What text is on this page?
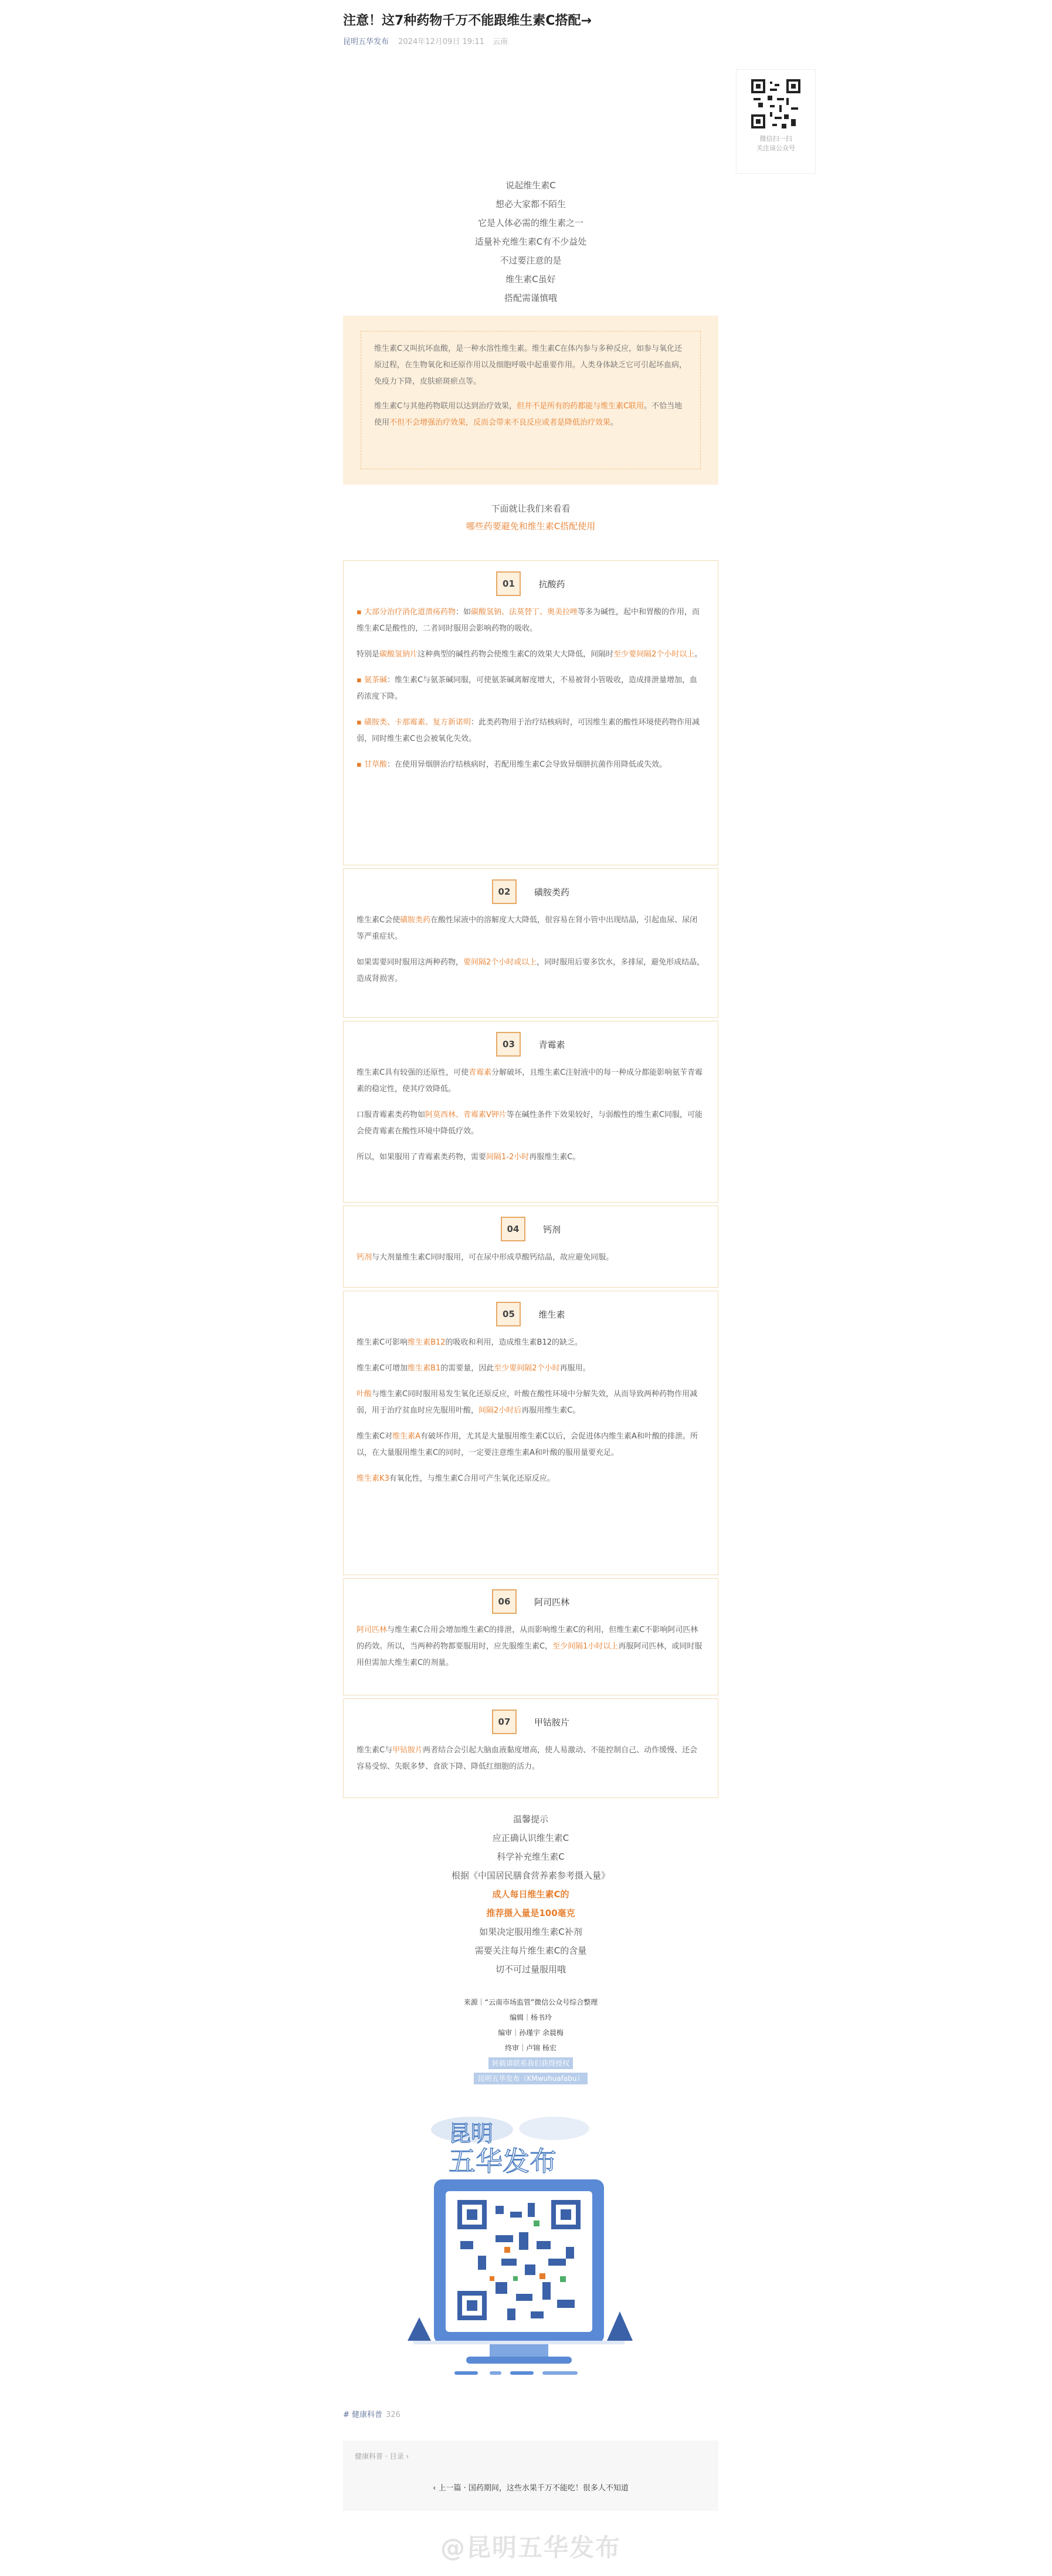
注意！这7种药物千万不能跟维生素C搭配→
昆明五华发布 2024年12月09日 19:11 云南
微信扫一扫
关注该公众号
说起维生素C
想必大家都不陌生
它是人体必需的维生素之一
适量补充维生素C有不少益处
不过要注意的是
维生素C虽好
搭配需谨慎哦

维生素C又叫抗坏血酸，是一种水溶性维生素。维生素C在体内参与多种反应，如参与氧化还原过程，在生物氧化和还原作用以及细胞呼吸中起重要作用。人类身体缺乏它可引起坏血病，免疫力下降，皮肤瘀斑瘀点等。

维生素C与其他药物联用以达到治疗效果，但并不是所有的药都能与维生素C联用。不恰当地使用不但不会增强治疗效果，反而会带来不良反应或者是降低治疗效果。

下面就让我们来看看
哪些药要避免和维生素C搭配使用
01	抗酸药

▪ 大部分治疗消化道溃疡药物：如碳酸氢钠、法莫替丁、奥美拉唑等多为碱性，起中和胃酸的作用，而维生素C是酸性的，二者同时服用会影响药物的吸收。

特别是碳酸氢钠片这种典型的碱性药物会使维生素C的效果大大降低，间隔时至少要间隔2个小时以上。

▪ 氨茶碱：维生素C与氨茶碱同服，可使氨茶碱离解度增大，不易被肾小管吸收，造成排泄量增加，血药浓度下降。

▪ 磺胺类、卡那霉素、复方新诺明：此类药物用于治疗结核病时，可因维生素的酸性环境使药物作用减弱，同时维生素C也会被氧化失效。

▪ 甘草酸：在使用异烟肼治疗结核病时，若配用维生素C会导致异烟肼抗菌作用降低或失效。

02	磺胺类药

维生素C会使磺胺类药在酸性尿液中的溶解度大大降低，很容易在肾小管中出现结晶，引起血尿、尿闭等严重症状。

如果需要同时服用这两种药物，要间隔2个小时或以上，同时服用后要多饮水，多排尿，避免形成结晶，造成肾损害。

03	青霉素

维生素C具有较强的还原性，可使青霉素分解破坏，且维生素C注射液中的每一种成分都能影响氨苄青霉素的稳定性，使其疗效降低。

口服青霉素类药物如阿莫西林、青霉素V钾片等在碱性条件下效果较好，与弱酸性的维生素C同服，可能会使青霉素在酸性环境中降低疗效。

所以，如果服用了青霉素类药物，需要间隔1-2小时再服维生素C。

04	钙剂

钙剂与大剂量维生素C同时服用，可在尿中形成草酸钙结晶，故应避免同服。

05	维生素

维生素C可影响维生素B12的吸收和利用，造成维生素B12的缺乏。

维生素C可增加维生素B1的需要量，因此至少要间隔2个小时再服用。

叶酸与维生素C同时服用易发生氧化还原反应，叶酸在酸性环境中分解失效，从而导致两种药物作用减弱，用于治疗贫血时应先服用叶酸，间隔2小时后再服用维生素C。

维生素C对维生素A有破坏作用，尤其是大量服用维生素C以后，会促进体内维生素A和叶酸的排泄。所以，在大量服用维生素C的同时，一定要注意维生素A和叶酸的服用量要充足。

维生素K3有氧化性，与维生素C合用可产生氧化还原反应。

06	阿司匹林

阿司匹林与维生素C合用会增加维生素C的排泄，从而影响维生素C的利用，但维生素C不影响阿司匹林的药效。所以，当两种药物都要服用时，应先服维生素C，至少间隔1小时以上再服阿司匹林，或同时服用但需加大维生素C的剂量。

07	甲钴胺片

维生素C与甲钴胺片两者结合会引起大脑血液黏度增高，使人易激动、不能控制自己、动作缓慢、还会容易受惊、失眠多梦、食欲下降、降低红细胞的活力。

温馨提示
应正确认识维生素C
科学补充维生素C
根据《中国居民膳食营养素参考摄入量》
成人每日维生素C的
推荐摄入量是100毫克
如果决定服用维生素C补剂
需要关注每片维生素C的含量
切不可过量服用哦
来源｜“云南市场监管”微信公众号综合整理
编辑｜杨书玲
编审｜孙瑾宇 余晨梅
终审｜卢锦 杨宏
转载请联系我们获得授权
昆明五华发布（KMwuhuafabu）
昆明
五华发布
# 健康科普 326
健康科普 · 目录 ›
‹ 上一篇 · 国药期间，这些水果千万不能吃！很多人不知道
@昆明五华发布
